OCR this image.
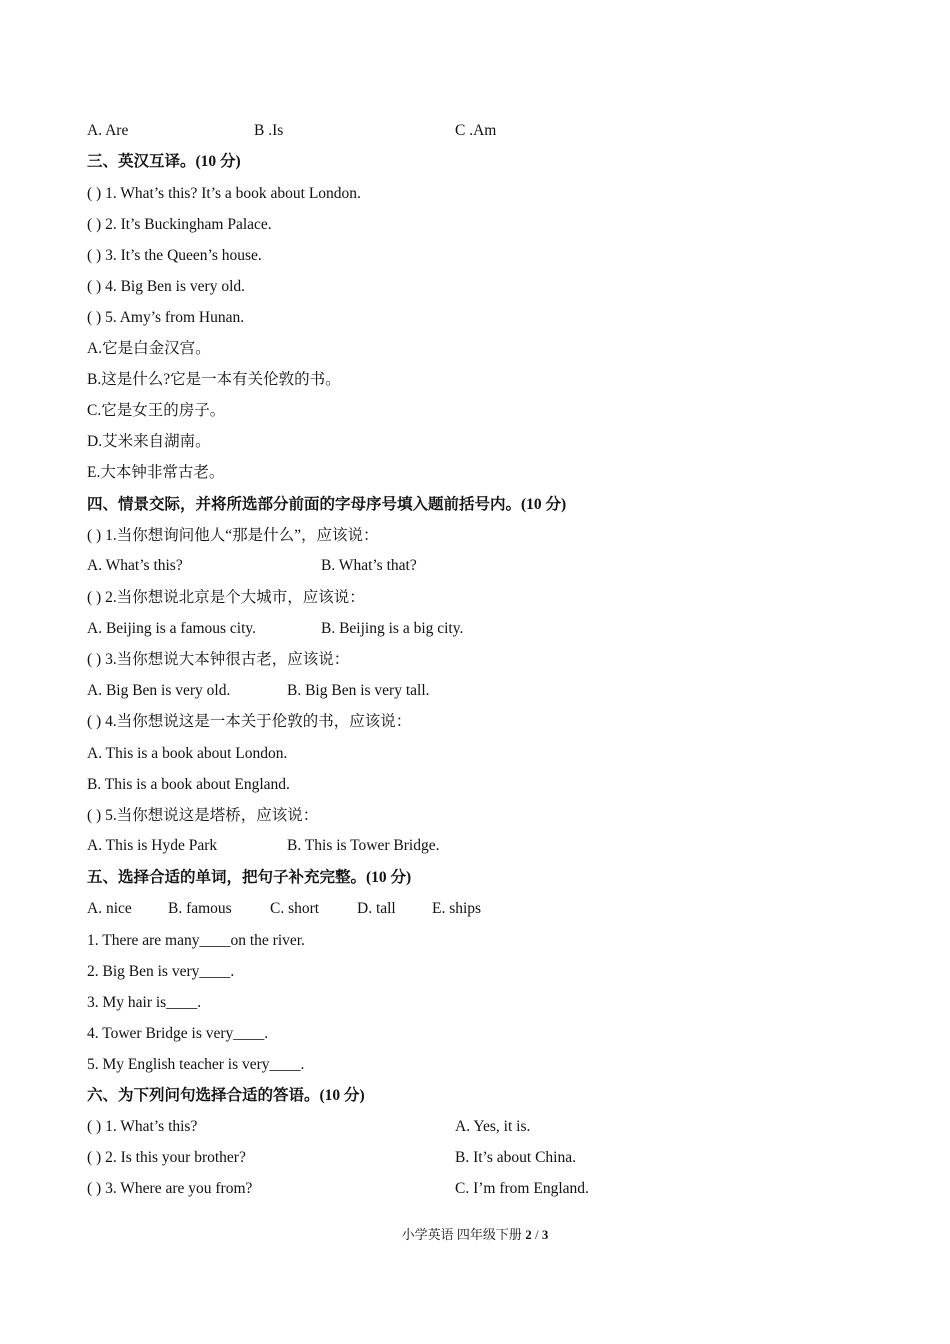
A. Are	B .Is	C .Am
三、英汉互译。(10 分)
( ) 1. What’s this? It’s a book about London.
( ) 2. It’s Buckingham Palace.
( ) 3. It’s the Queen’s house.
( ) 4. Big Ben is very old.
( ) 5. Amy’s from Hunan.
A.它是白金汉宫。
B.这是什么?它是一本有关伦敦的书。
C.它是女王的房子。
D.艾米来自湖南。
E.大本钟非常古老。
四、情景交际，并将所选部分前面的字母序号填入题前括号内。(10 分)
( ) 1.当你想询问他人“那是什么”，应该说：
A. What’s this?	B. What’s that?
( ) 2.当你想说北京是个大城市，应该说：
A. Beijing is a famous city.	B. Beijing is a big city.
( ) 3.当你想说大本钟很古老，应该说：
A. Big Ben is very old.	B. Big Ben is very tall.
( ) 4.当你想说这是一本关于伦敦的书，应该说：
A. This is a book about London.
B. This is a book about England.
( ) 5.当你想说这是塔桥，应该说：
A. This is Hyde Park	B. This is Tower Bridge.
五、选择合适的单词，把句子补充完整。(10 分)
A. nice B. famous C. short D. tall E. ships
1. There are many____on the river.
2. Big Ben is very____.
3. My hair is____.
4. Tower Bridge is very____.
5. My English teacher is very____.
六、为下列问句选择合适的答语。(10 分)
( ) 1. What’s this?	A. Yes, it is.
( ) 2. Is this your brother?	B. It’s about China.
( ) 3. Where are you from?	C. I’m from England.
小学英语 四年级下册 2 / 3
